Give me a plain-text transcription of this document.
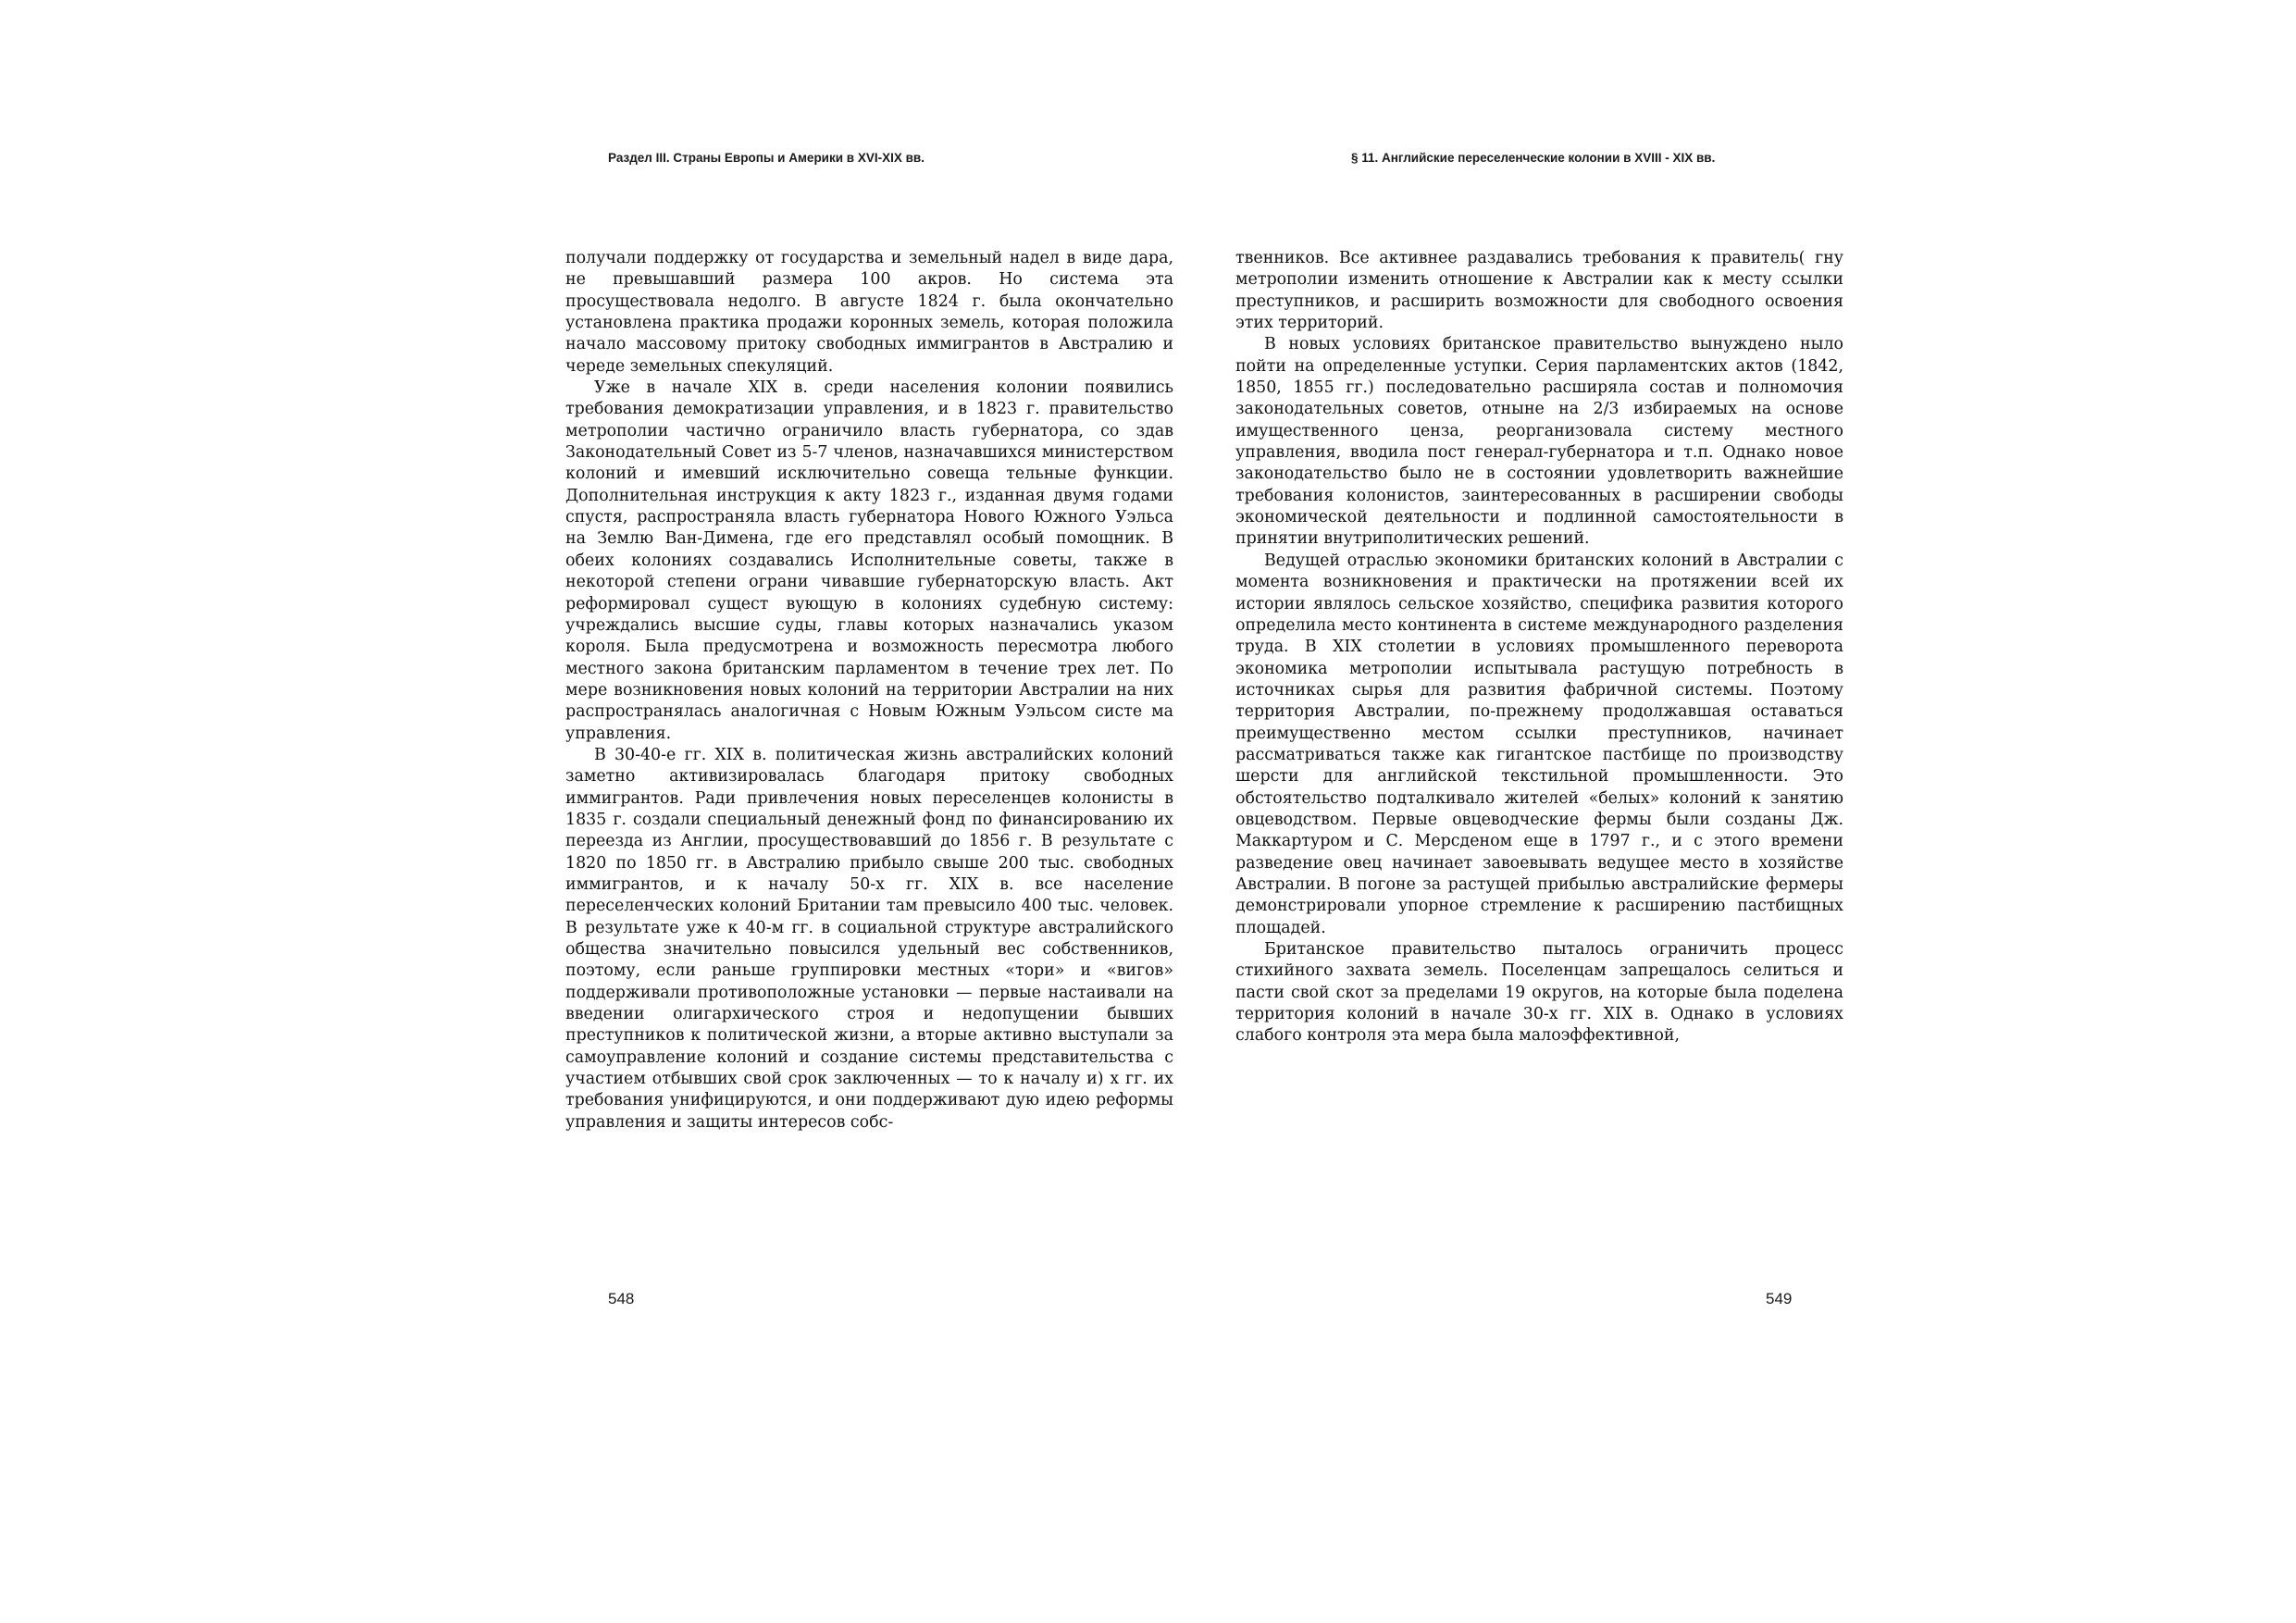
Раздел III. Страны Европы и Америки в XVI-XIX вв.

получали поддержку от государства и земельный надел в виде дара, не превышавший размера 100 акров. Но система эта просуществовала недолго. В августе 1824 г. была окончательно установлена практика продажи коронных земель, которая положила начало массовому притоку свободных иммигрантов в Австралию и череде земельных спекуляций.

Уже в начале XIX в. среди населения колонии появились требования демократизации управления, и в 1823 г. правительство метрополии частично ограничило власть губернатора, со здав Законодательный Совет из 5-7 членов, назначавшихся министерством колоний и имевший исключительно совеща тельные функции. Дополнительная инструкция к акту 1823 г., изданная двумя годами спустя, распространяла власть губернатора Нового Южного Уэльса на Землю Ван-Димена, где его представлял особый помощник. В обеих колониях создавались Исполнительные советы, также в некоторой степени ограни чивавшие губернаторскую власть. Акт реформировал сущест вующую в колониях судебную систему: учреждались высшие суды, главы которых назначались указом короля. Была предусмотрена и возможность пересмотра любого местного закона британским парламентом в течение трех лет. По мере возникновения новых колоний на территории Австралии на них распространялась аналогичная с Новым Южным Уэльсом систе ма управления.

В 30-40-е гг. XIX в. политическая жизнь австралийских колоний заметно активизировалась благодаря притоку свободных иммигрантов. Ради привлечения новых переселенцев колонисты в 1835 г. создали специальный денежный фонд по финансированию их переезда из Англии, просуществовавший до 1856 г. В результате с 1820 по 1850 гг. в Австралию прибыло свыше 200 тыс. свободных иммигрантов, и к началу 50-х гг. XIX в. все население переселенческих колоний Британии там превысило 400 тыс. человек. В результате уже к 40-м гг. в социальной структуре австралийского общества значительно повысился удельный вес собственников, поэтому, если раньше группировки местных «тори» и «вигов» поддерживали противоположные установки — первые настаивали на введении олигархического строя и недопущении бывших преступников к политической жизни, а вторые активно выступали за самоуправление колоний и создание системы представительства с участием отбывших свой срок заключенных — то к началу и) х гг. их требования унифицируются, и они поддерживают дую идею реформы управления и защиты интересов собс-

548
§ 11. Английские переселенческие колонии в XVIII - XIX вв.

твенников. Все активнее раздавались требования к правитель( гну метрополии изменить отношение к Австралии как к месту ссылки преступников, и расширить возможности для свободного освоения этих территорий.

В новых условиях британское правительство вынуждено ныло пойти на определенные уступки. Серия парламентских актов (1842, 1850, 1855 гг.) последовательно расширяла состав и полномочия законодательных советов, отныне на 2/3 избираемых на основе имущественного ценза, реорганизовала систему местного управления, вводила пост генерал-губернатора и т.п. Однако новое законодательство было не в состоянии удовлетворить важнейшие требования колонистов, заинтересованных в расширении свободы экономической деятельности и подлинной самостоятельности в принятии внутриполитических решений.

Ведущей отраслью экономики британских колоний в Австралии с момента возникновения и практически на протяжении всей их истории являлось сельское хозяйство, специфика развития которого определила место континента в системе международного разделения труда. В XIX столетии в условиях промышленного переворота экономика метрополии испытывала растущую потребность в источниках сырья для развития фабричной системы. Поэтому территория Австралии, по-прежнему продолжавшая оставаться преимущественно местом ссылки преступников, начинает рассматриваться также как гигантское пастбище по производству шерсти для английской текстильной промышленности. Это обстоятельство подталкивало жителей «белых» колоний к занятию овцеводством. Первые овцеводческие фермы были созданы Дж. Маккартуром и С. Мерсденом еще в 1797 г., и с этого времени разведение овец начинает завоевывать ведущее место в хозяйстве Австралии. В погоне за растущей прибылью австралийские фермеры демонстрировали упорное стремление к расширению пастбищных площадей.

Британское правительство пыталось ограничить процесс стихийного захвата земель. Поселенцам запрещалось селиться и пасти свой скот за пределами 19 округов, на которые была поделена территория колоний в начале 30-х гг. XIX в. Однако в условиях слабого контроля эта мера была малоэффективной,

549
